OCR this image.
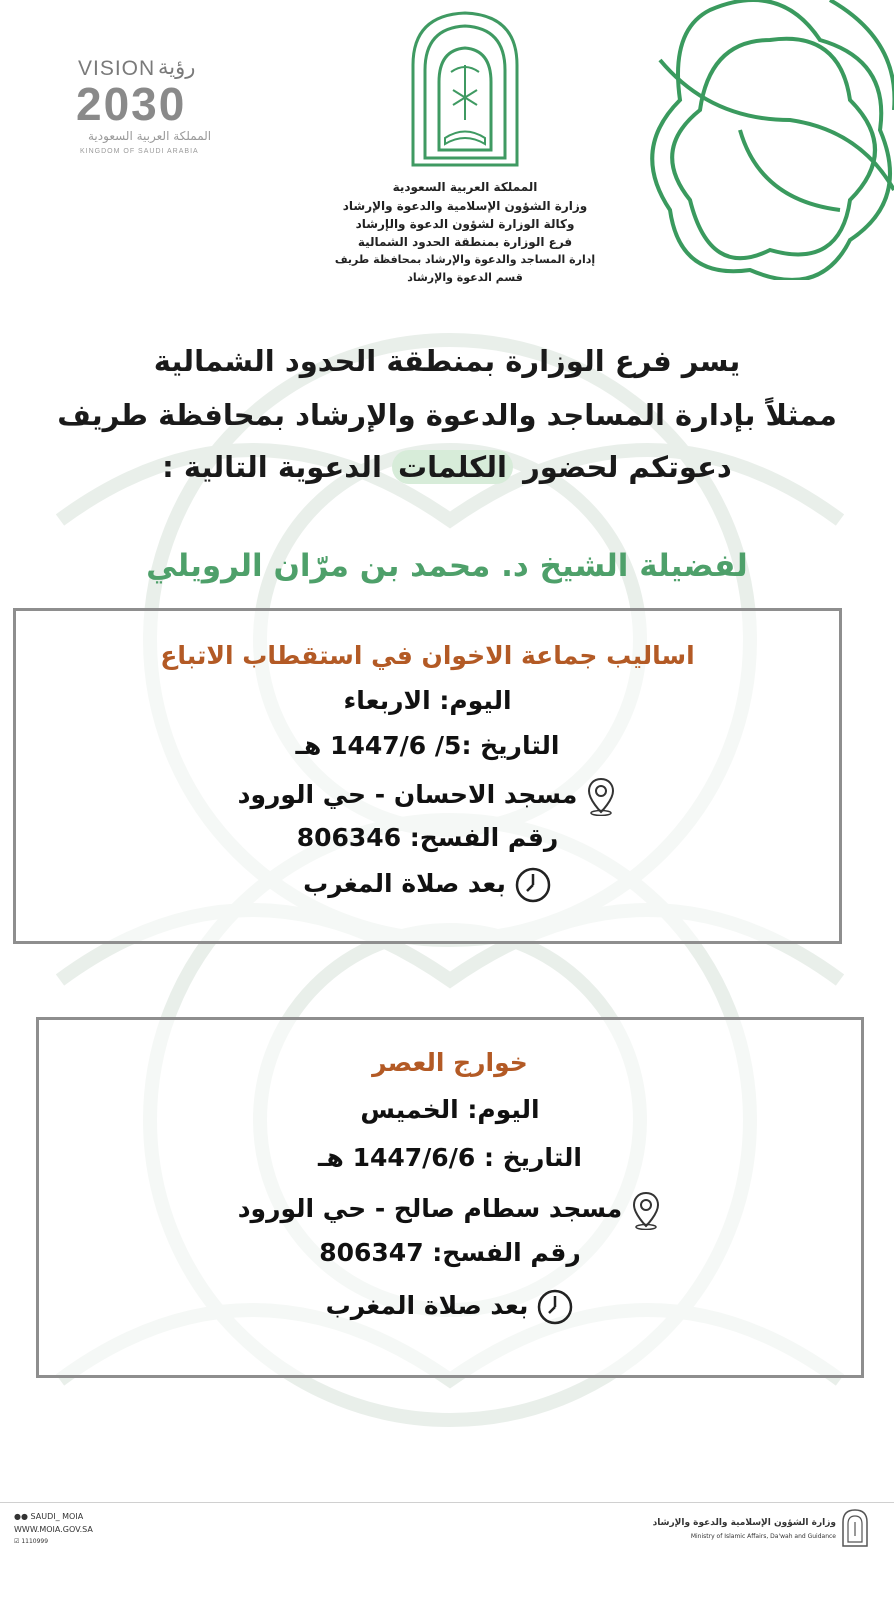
VISION رؤية
2030
المملكة العربية السعودية
KINGDOM OF SAUDI ARABIA
المملكة العربية السعودية
وزارة الشؤون الإسلامية والدعوة والإرشاد
وكالة الوزارة لشؤون الدعوة والإرشاد
فرع الوزارة بمنطقة الحدود الشمالية
إدارة المساجد والدعوة والإرشاد بمحافظة طريف
قسم الدعوة والإرشاد
يسر فرع الوزارة بمنطقة الحدود الشمالية
ممثلاً بإدارة المساجد والدعوة والإرشاد بمحافظة طريف
دعوتكم لحضور الكلمات الدعوية التالية :
لفضيلة الشيخ د. محمد بن مرّان الرويلي
اساليب جماعة الاخوان في استقطاب الاتباع
اليوم: الاربعاء
التاريخ :5/ 1447/6 هـ
مسجد الاحسان - حي الورود
رقم الفسح: 806346
بعد صلاة المغرب
خوارج العصر
اليوم: الخميس
التاريخ : 1447/6/6 هـ
مسجد سطام صالح - حي الورود
رقم الفسح: 806347
بعد صلاة المغرب
●● SAUDI_ MOIA
WWW.MOIA.GOV.SA
☑ 1110999
وزارة الشؤون الإسلامية والدعوة والإرشاد
Ministry of Islamic Affairs, Da'wah and Guidance
